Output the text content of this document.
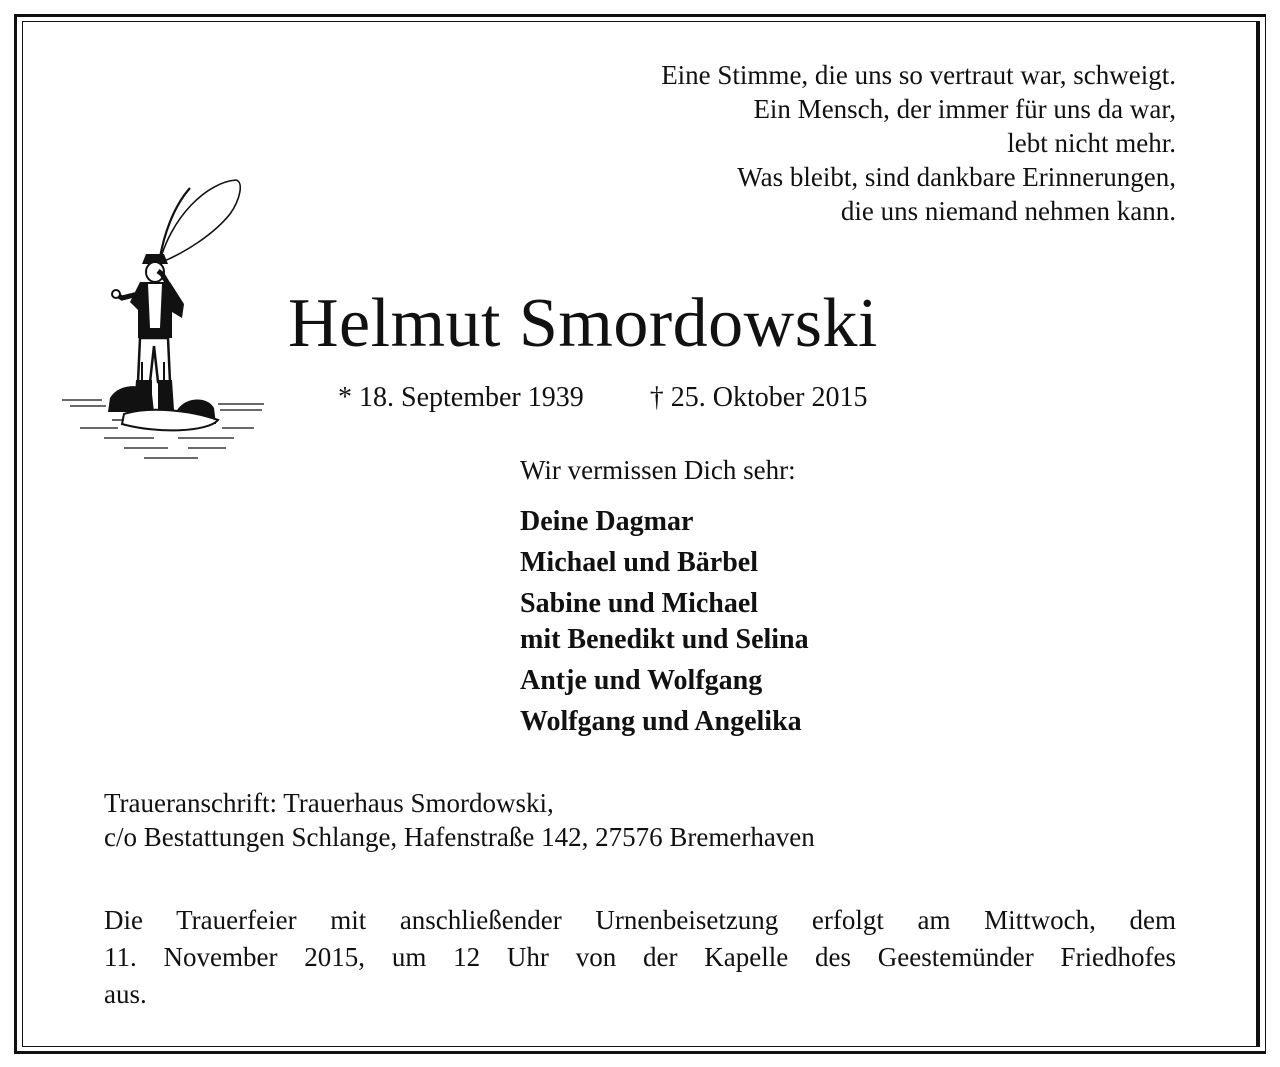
Eine Stimme, die uns so vertraut war, schweigt.
Ein Mensch, der immer für uns da war,
lebt nicht mehr.
Was bleibt, sind dankbare Erinnerungen,
die uns niemand nehmen kann.
Helmut Smordowski
* 18. September 1939 † 25. Oktober 2015
Wir vermissen Dich sehr:
Deine Dagmar
Michael und Bärbel
Sabine und Michael
mit Benedikt und Selina
Antje und Wolfgang
Wolfgang und Angelika
Traueranschrift: Trauerhaus Smordowski,
c/o Bestattungen Schlange, Hafenstraße 142, 27576 Bremerhaven
Die Trauerfeier mit anschließender Urnenbeisetzung erfolgt am Mittwoch, dem
11. November 2015, um 12 Uhr von der Kapelle des Geestemünder Friedhofes
aus.
